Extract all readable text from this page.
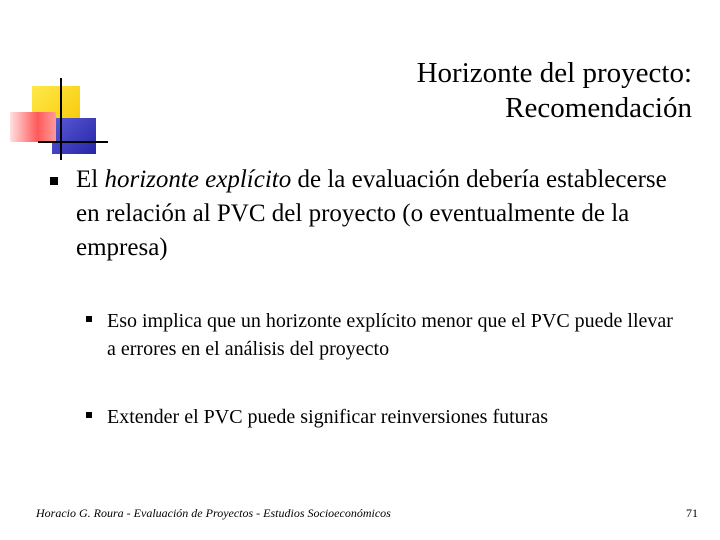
Horizonte del proyecto:
Recomendación
El horizonte explícito de la evaluación debería establecerse en relación al PVC del proyecto (o eventualmente de la empresa)
Eso implica que un horizonte explícito menor que el PVC puede llevar a errores en el análisis del proyecto
Extender el PVC puede significar reinversiones futuras
Horacio G. Roura - Evaluación de Proyectos - Estudios Socioeconómicos	71
